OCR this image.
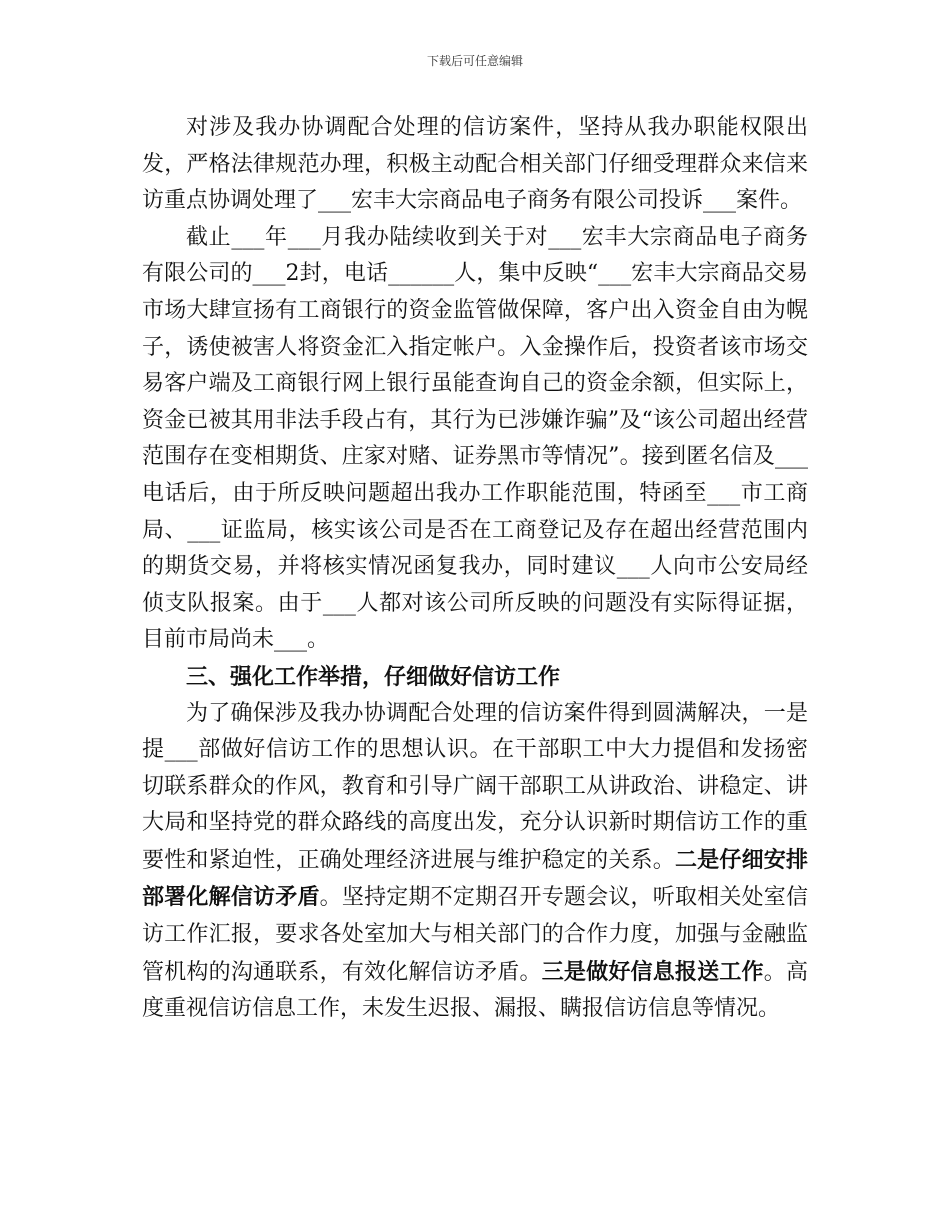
下载后可任意编辑

对涉及我办协调配合处理的信访案件，坚持从我办职能权限出发，严格法律规范办理，积极主动配合相关部门仔细受理群众来信来访重点协调处理了___宏丰大宗商品电子商务有限公司投诉___案件。

截止___年___月我办陆续收到关于对___宏丰大宗商品电子商务有限公司的___2封，电话______人，集中反映“___宏丰大宗商品交易市场大肆宣扬有工商银行的资金监管做保障，客户出入资金自由为幌子，诱使被害人将资金汇入指定帐户。入金操作后，投资者该市场交易客户端及工商银行网上银行虽能查询自己的资金余额，但实际上，资金已被其用非法手段占有，其行为已涉嫌诈骗”及“该公司超出经营范围存在变相期货、庄家对赌、证券黑市等情况”。接到匿名信及___电话后，由于所反映问题超出我办工作职能范围，特函至___市工商局、___证监局，核实该公司是否在工商登记及存在超出经营范围内的期货交易，并将核实情况函复我办，同时建议___人向市公安局经侦支队报案。由于___人都对该公司所反映的问题没有实际得证据，目前市局尚未___。

三、强化工作举措，仔细做好信访工作

为了确保涉及我办协调配合处理的信访案件得到圆满解决，一是提___部做好信访工作的思想认识。在干部职工中大力提倡和发扬密切联系群众的作风，教育和引导广阔干部职工从讲政治、讲稳定、讲大局和坚持党的群众路线的高度出发，充分认识新时期信访工作的重要性和紧迫性，正确处理经济进展与维护稳定的关系。二是仔细安排部署化解信访矛盾。坚持定期不定期召开专题会议，听取相关处室信访工作汇报，要求各处室加大与相关部门的合作力度，加强与金融监管机构的沟通联系，有效化解信访矛盾。三是做好信息报送工作。高度重视信访信息工作，未发生迟报、漏报、瞒报信访信息等情况。
